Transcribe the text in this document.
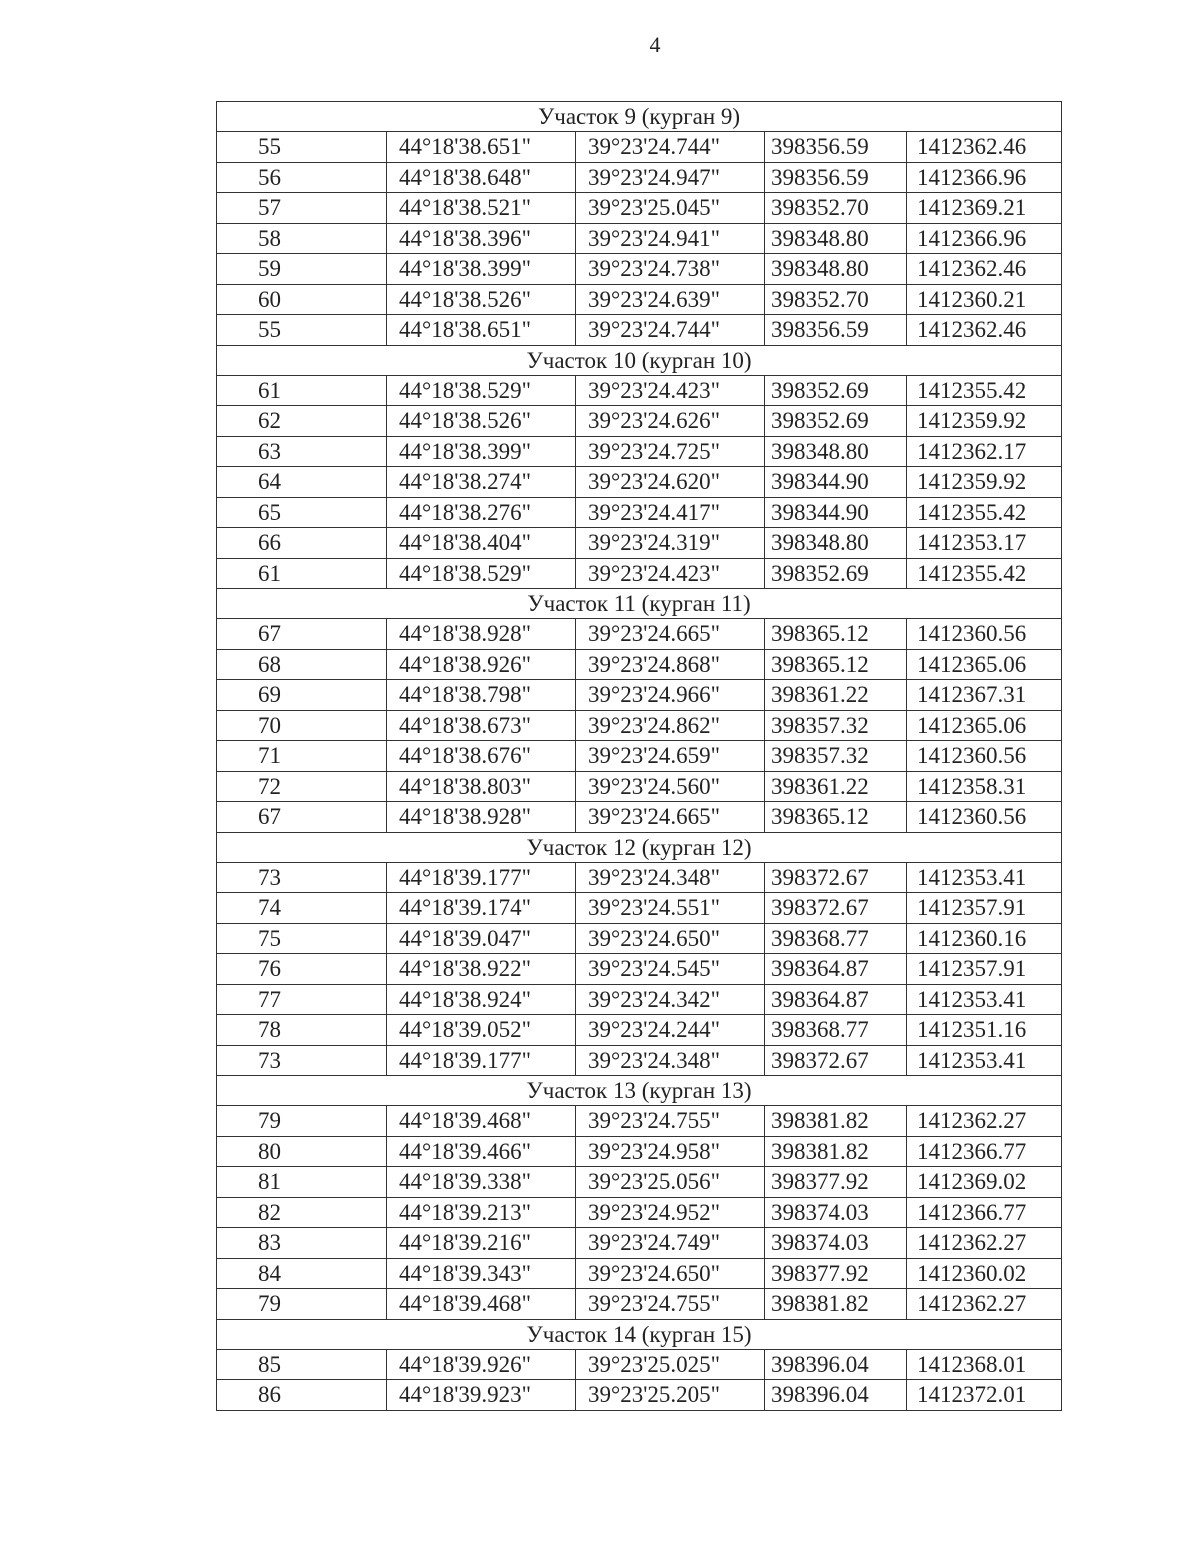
4
Участок 9 (курган 9)				
55	44°18'38.651"	39°23'24.744"	398356.59	1412362.46
56	44°18'38.648"	39°23'24.947"	398356.59	1412366.96
57	44°18'38.521"	39°23'25.045"	398352.70	1412369.21
58	44°18'38.396"	39°23'24.941"	398348.80	1412366.96
59	44°18'38.399"	39°23'24.738"	398348.80	1412362.46
60	44°18'38.526"	39°23'24.639"	398352.70	1412360.21
55	44°18'38.651"	39°23'24.744"	398356.59	1412362.46
Участок 10 (курган 10)				
61	44°18'38.529"	39°23'24.423"	398352.69	1412355.42
62	44°18'38.526"	39°23'24.626"	398352.69	1412359.92
63	44°18'38.399"	39°23'24.725"	398348.80	1412362.17
64	44°18'38.274"	39°23'24.620"	398344.90	1412359.92
65	44°18'38.276"	39°23'24.417"	398344.90	1412355.42
66	44°18'38.404"	39°23'24.319"	398348.80	1412353.17
61	44°18'38.529"	39°23'24.423"	398352.69	1412355.42
Участок 11 (курган 11)				
67	44°18'38.928"	39°23'24.665"	398365.12	1412360.56
68	44°18'38.926"	39°23'24.868"	398365.12	1412365.06
69	44°18'38.798"	39°23'24.966"	398361.22	1412367.31
70	44°18'38.673"	39°23'24.862"	398357.32	1412365.06
71	44°18'38.676"	39°23'24.659"	398357.32	1412360.56
72	44°18'38.803"	39°23'24.560"	398361.22	1412358.31
67	44°18'38.928"	39°23'24.665"	398365.12	1412360.56
Участок 12 (курган 12)				
73	44°18'39.177"	39°23'24.348"	398372.67	1412353.41
74	44°18'39.174"	39°23'24.551"	398372.67	1412357.91
75	44°18'39.047"	39°23'24.650"	398368.77	1412360.16
76	44°18'38.922"	39°23'24.545"	398364.87	1412357.91
77	44°18'38.924"	39°23'24.342"	398364.87	1412353.41
78	44°18'39.052"	39°23'24.244"	398368.77	1412351.16
73	44°18'39.177"	39°23'24.348"	398372.67	1412353.41
Участок 13 (курган 13)				
79	44°18'39.468"	39°23'24.755"	398381.82	1412362.27
80	44°18'39.466"	39°23'24.958"	398381.82	1412366.77
81	44°18'39.338"	39°23'25.056"	398377.92	1412369.02
82	44°18'39.213"	39°23'24.952"	398374.03	1412366.77
83	44°18'39.216"	39°23'24.749"	398374.03	1412362.27
84	44°18'39.343"	39°23'24.650"	398377.92	1412360.02
79	44°18'39.468"	39°23'24.755"	398381.82	1412362.27
Участок 14 (курган 15)				
85	44°18'39.926"	39°23'25.025"	398396.04	1412368.01
86	44°18'39.923"	39°23'25.205"	398396.04	1412372.01
